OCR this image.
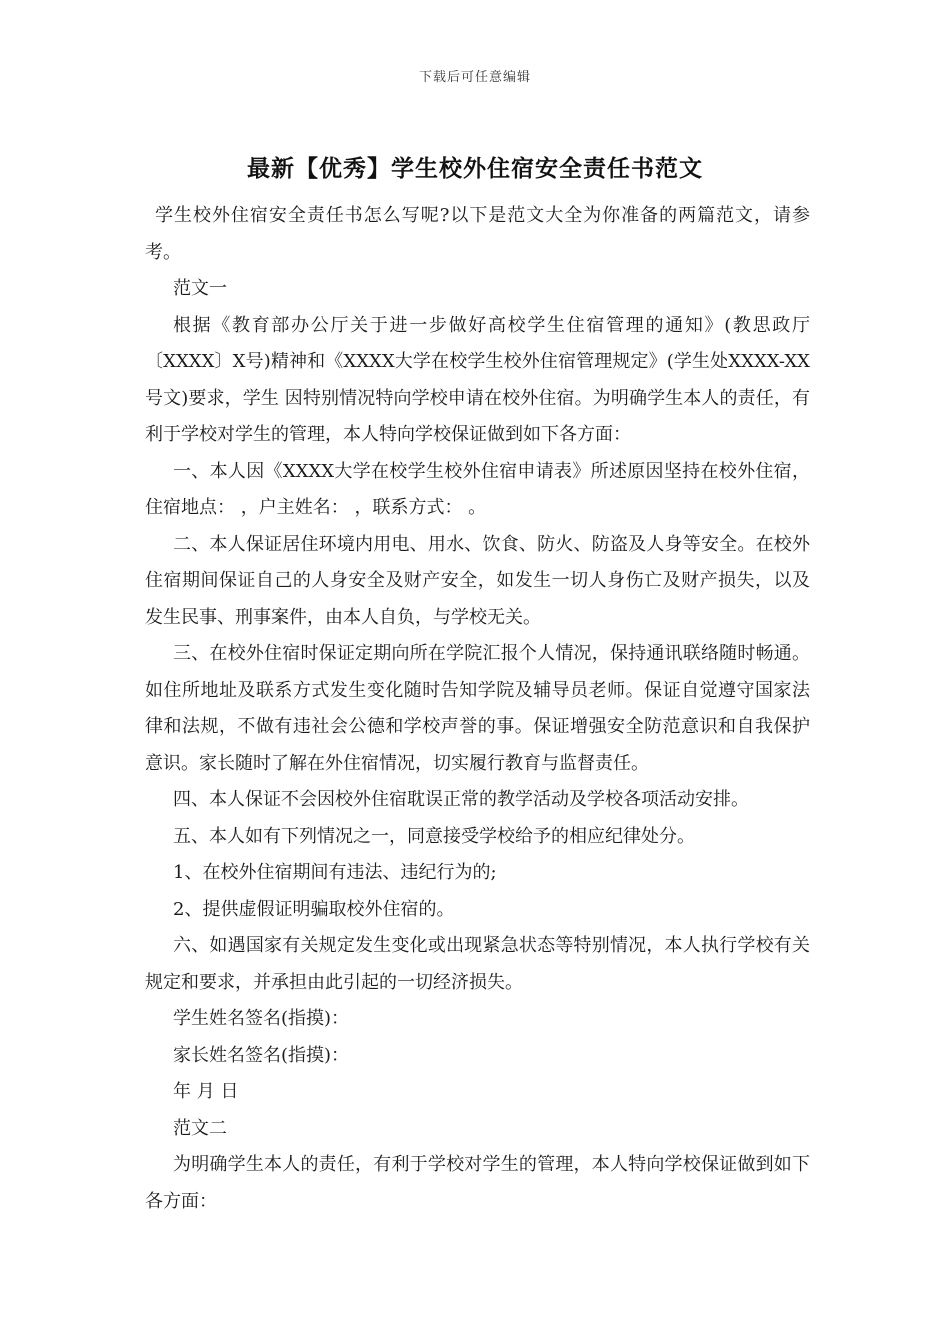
下载后可任意编辑
最新【优秀】学生校外住宿安全责任书范文

学生校外住宿安全责任书怎么写呢?以下是范文大全为你准备的两篇范文，请参考。

范文一

根据《教育部办公厅关于进一步做好高校学生住宿管理的通知》(教思政厅〔XXXX〕X号)精神和《XXXX大学在校学生校外住宿管理规定》(学生处XXXX-XX号文)要求，学生 因特别情况特向学校申请在校外住宿。为明确学生本人的责任，有利于学校对学生的管理，本人特向学校保证做到如下各方面：

一、本人因《XXXX大学在校学生校外住宿申请表》所述原因坚持在校外住宿，住宿地点： ，户主姓名： ，联系方式： 。

二、本人保证居住环境内用电、用水、饮食、防火、防盗及人身等安全。在校外住宿期间保证自己的人身安全及财产安全，如发生一切人身伤亡及财产损失，以及发生民事、刑事案件，由本人自负，与学校无关。

三、在校外住宿时保证定期向所在学院汇报个人情况，保持通讯联络随时畅通。如住所地址及联系方式发生变化随时告知学院及辅导员老师。保证自觉遵守国家法律和法规，不做有违社会公德和学校声誉的事。保证增强安全防范意识和自我保护意识。家长随时了解在外住宿情况，切实履行教育与监督责任。

四、本人保证不会因校外住宿耽误正常的教学活动及学校各项活动安排。

五、本人如有下列情况之一，同意接受学校给予的相应纪律处分。

1、在校外住宿期间有违法、违纪行为的;

2、提供虚假证明骗取校外住宿的。

六、如遇国家有关规定发生变化或出现紧急状态等特别情况，本人执行学校有关规定和要求，并承担由此引起的一切经济损失。

学生姓名签名(指摸)：

家长姓名签名(指摸)：

年 月 日

范文二

为明确学生本人的责任，有利于学校对学生的管理，本人特向学校保证做到如下各方面：
